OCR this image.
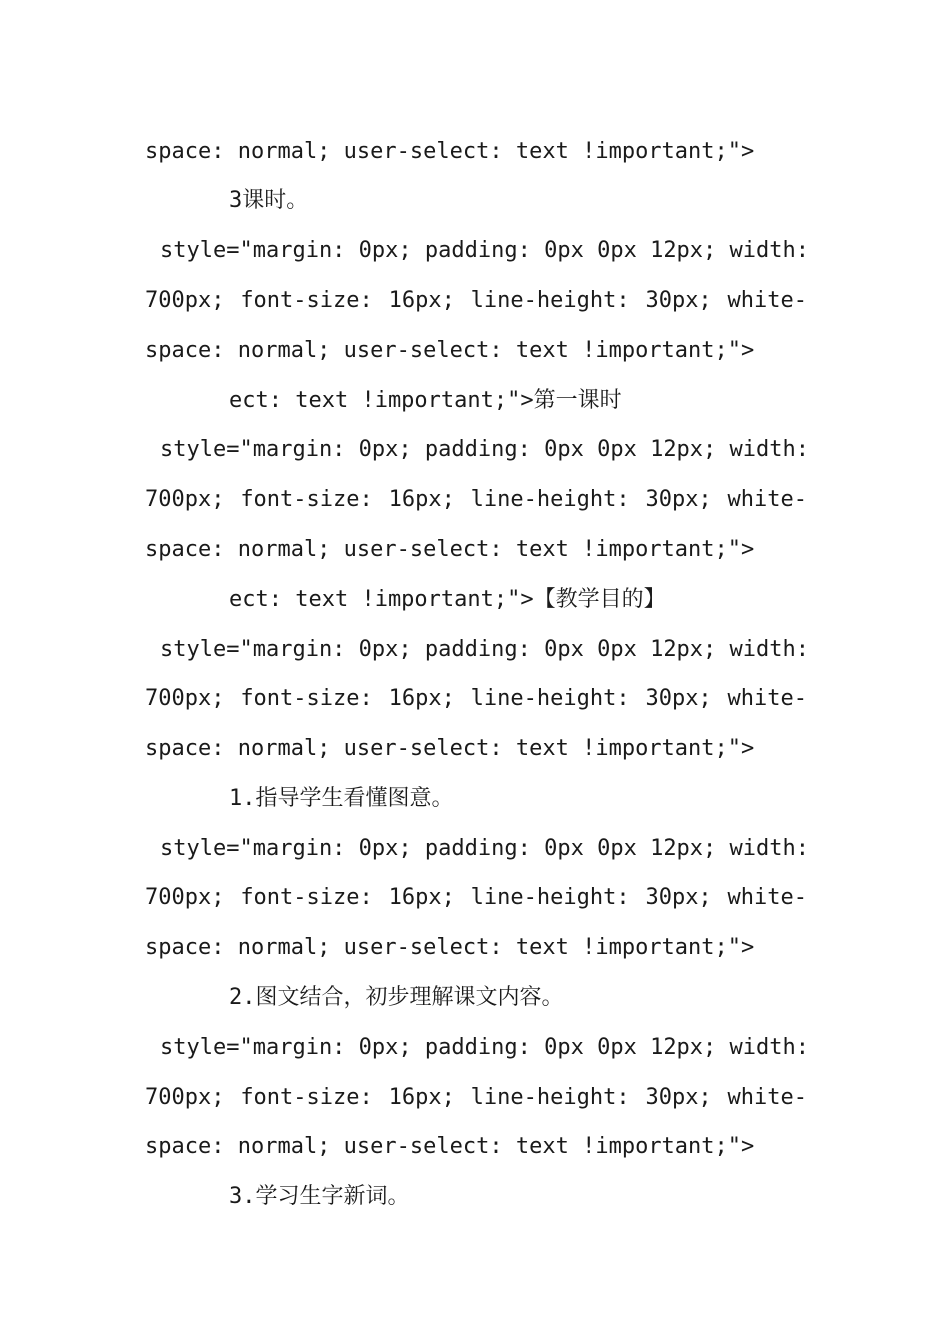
space: normal; user-select: text !important;">
3课时。
style="margin: 0px; padding: 0px 0px 12px; width:
700px; font-size: 16px; line-height: 30px; white-
space: normal; user-select: text !important;">
ect: text !important;">第一课时
style="margin: 0px; padding: 0px 0px 12px; width:
700px; font-size: 16px; line-height: 30px; white-
space: normal; user-select: text !important;">
ect: text !important;">【教学目的】
style="margin: 0px; padding: 0px 0px 12px; width:
700px; font-size: 16px; line-height: 30px; white-
space: normal; user-select: text !important;">
1.指导学生看懂图意。
style="margin: 0px; padding: 0px 0px 12px; width:
700px; font-size: 16px; line-height: 30px; white-
space: normal; user-select: text !important;">
2.图文结合，初步理解课文内容。
style="margin: 0px; padding: 0px 0px 12px; width:
700px; font-size: 16px; line-height: 30px; white-
space: normal; user-select: text !important;">
3.学习生字新词。
